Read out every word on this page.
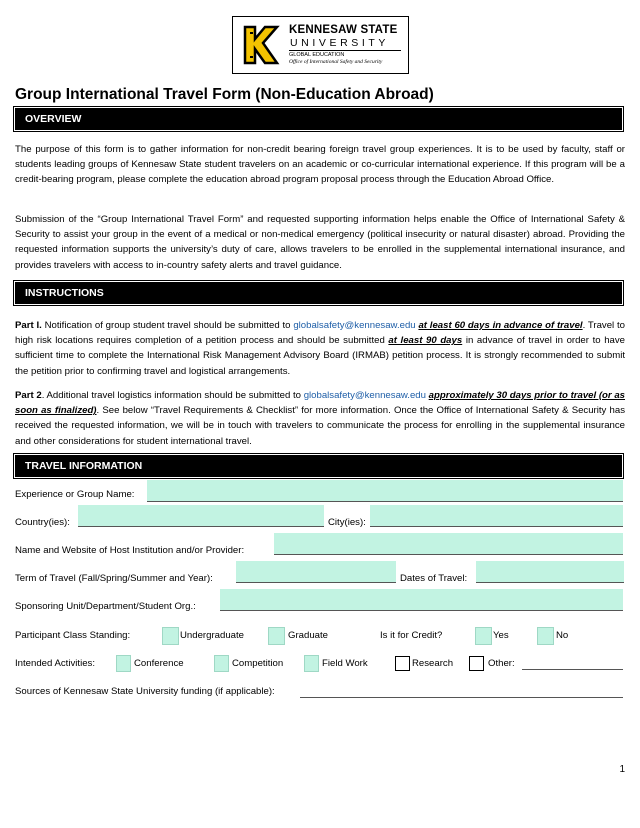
KENNESAW STATE
UNIVERSITY
GLOBAL EDUCATION
Office of International Safety and Security
Group International Travel Form (Non-Education Abroad)
OVERVIEW
The purpose of this form is to gather information for non-credit bearing foreign travel group experiences. It is to be used by faculty, staff or students leading groups of Kennesaw State student travelers on an academic or co-curricular international experience. If this program will be a credit-bearing program, please complete the education abroad program proposal process through the Education Abroad Office.
Submission of the “Group International Travel Form” and requested supporting information helps enable the Office of International Safety & Security to assist your group in the event of a medical or non-medical emergency (political insecurity or natural disaster) abroad. Providing the requested information supports the university’s duty of care, allows travelers to be enrolled in the supplemental international insurance, and provides travelers with access to in-country safety alerts and travel guidance.
INSTRUCTIONS
Part I. Notification of group student travel should be submitted to globalsafety@kennesaw.edu at least 60 days in advance of travel. Travel to high risk locations requires completion of a petition process and should be submitted at least 90 days in advance of travel in order to have sufficient time to complete the International Risk Management Advisory Board (IRMAB) petition process. It is strongly recommended to submit the petition prior to confirming travel and logistical arrangements.
Part 2. Additional travel logistics information should be submitted to globalsafety@kennesaw.edu approximately 30 days prior to travel (or as soon as finalized). See below “Travel Requirements & Checklist” for more information. Once the Office of International Safety & Security has received the requested information, we will be in touch with travelers to communicate the process for enrolling in the supplemental insurance and other considerations for student international travel.
TRAVEL INFORMATION
Experience or Group Name:
Country(ies):	City(ies):
Name and Website of Host Institution and/or Provider:
Term of Travel (Fall/Spring/Summer and Year):	Dates of Travel:
Sponsoring Unit/Department/Student Org.:
Participant Class Standing:	Undergraduate	Graduate	Is it for Credit?	Yes	No
Intended Activities:	Conference	Competition	Field Work	Research	Other:
Sources of Kennesaw State University funding (if applicable):
1
